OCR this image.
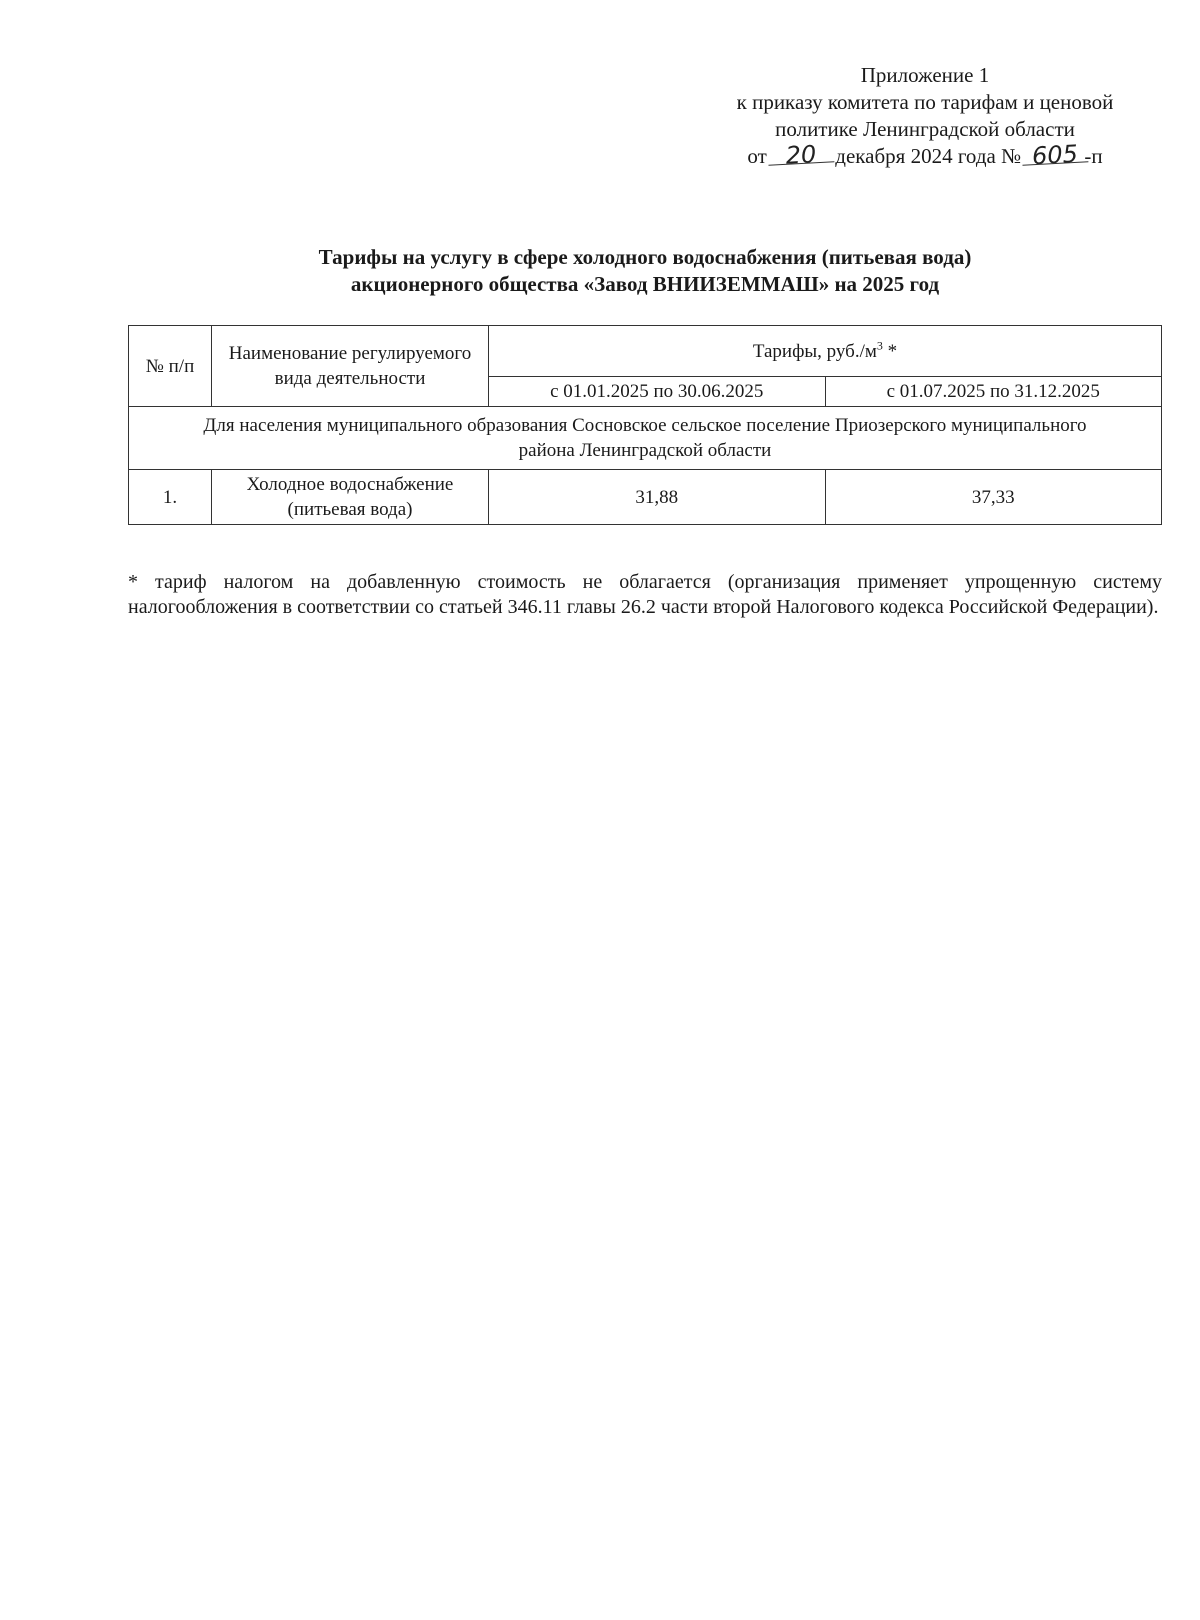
Приложение 1
к приказу комитета по тарифам и ценовой
политике Ленинградской области
от 20 декабря 2024 года № 605 -п
Тарифы на услугу в сфере холодного водоснабжения (питьевая вода)
акционерного общества «Завод ВНИИЗЕММАШ» на 2025 год
№ п/п	Наименование регулируемого вида деятельности	Тарифы, $руб./м^3$ *	
		с 01.01.2025 по 30.06.2025	с 01.07.2025 по 31.12.2025
Для населения муниципального образования Сосновское сельское поселение Приозерского муниципального района Ленинградской области			
1.	Холодное водоснабжение (питьевая вода)	31,88	37,33
* тариф налогом на добавленную стоимость не облагается (организация применяет упрощенную систему налогообложения в соответствии со статьей 346.11 главы 26.2 части второй Налогового кодекса Российской Федерации).
